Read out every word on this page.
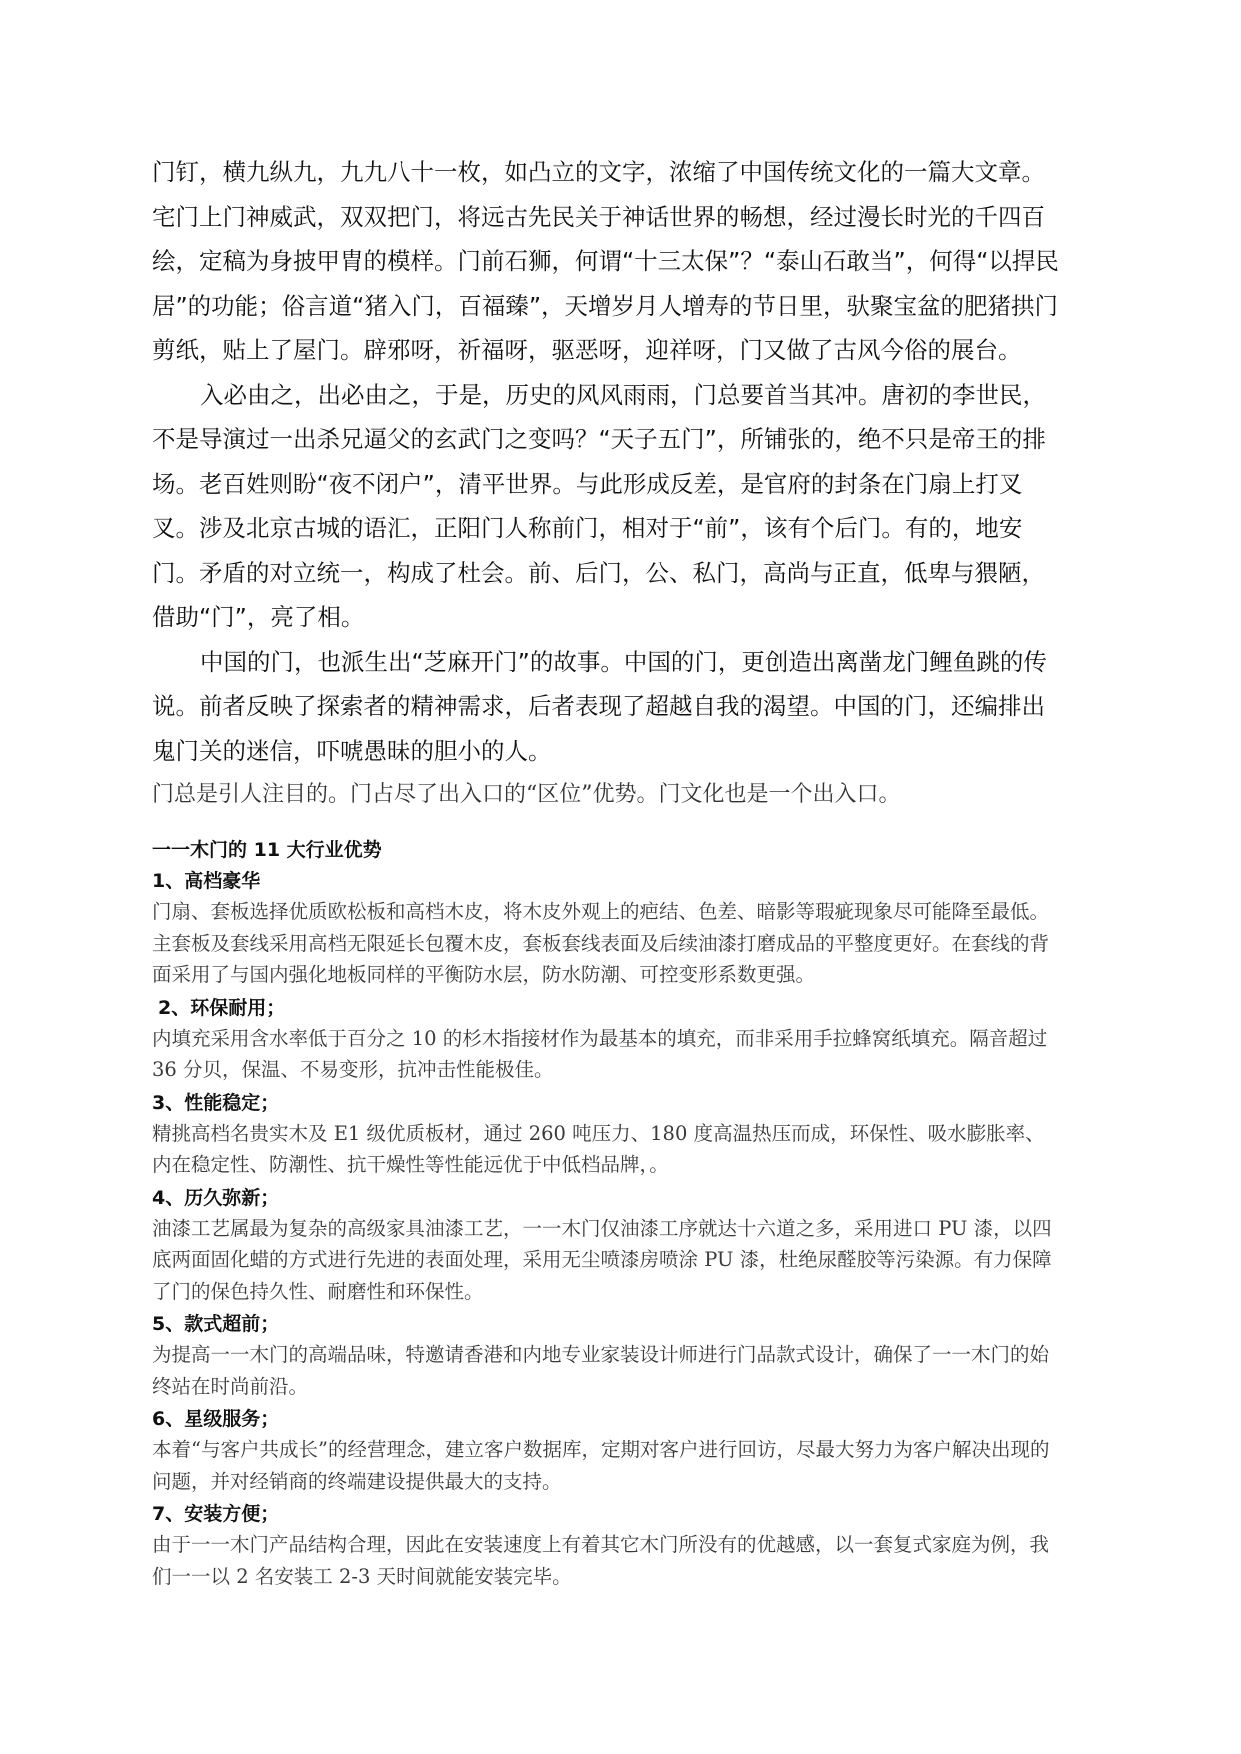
门钉，横九纵九，九九八十一枚，如凸立的文字，浓缩了中国传统文化的一篇大文章。宅门上门神威武，双双把门，将远古先民关于神话世界的畅想，经过漫长时光的千四百绘，定稿为身披甲胄的模样。门前石狮，何谓“十三太保”？“泰山石敢当”，何得“以捍民居”的功能；俗言道“猪入门，百福臻”，天增岁月人增寿的节日里，驮聚宝盆的肥猪拱门剪纸，贴上了屋门。辟邪呀，祈福呀，驱恶呀，迎祥呀，门又做了古风今俗的展台。

入必由之，出必由之，于是，历史的风风雨雨，门总要首当其冲。唐初的李世民，不是导演过一出杀兄逼父的玄武门之变吗？“天子五门”，所铺张的，绝不只是帝王的排场。老百姓则盼“夜不闭户”，清平世界。与此形成反差，是官府的封条在门扇上打叉叉。涉及北京古城的语汇，正阳门人称前门，相对于“前”，该有个后门。有的，地安门。矛盾的对立统一，构成了杜会。前、后门，公、私门，高尚与正直，低卑与猥陋，借助“门”，亮了相。

中国的门，也派生出“芝麻开门”的故事。中国的门，更创造出离凿龙门鲤鱼跳的传说。前者反映了探索者的精神需求，后者表现了超越自我的渴望。中国的门，还编排出鬼门关的迷信，吓唬愚昧的胆小的人。

门总是引人注目的。门占尽了出入口的“区位”优势。门文化也是一个出入口。

一一木门的 11 大行业优势

1、高档豪华

门扇、套板选择优质欧松板和高档木皮，将木皮外观上的疤结、色差、暗影等瑕疵现象尽可能降至最低。主套板及套线采用高档无限延长包覆木皮，套板套线表面及后续油漆打磨成品的平整度更好。在套线的背面采用了与国内强化地板同样的平衡防水层，防水防潮、可控变形系数更强。

2、环保耐用；

内填充采用含水率低于百分之 10 的杉木指接材作为最基本的填充，而非采用手拉蜂窝纸填充。隔音超过 36 分贝，保温、不易变形，抗冲击性能极佳。

3、性能稳定；

精挑高档名贵实木及 E1 级优质板材，通过 260 吨压力、180 度高温热压而成，环保性、吸水膨胀率、内在稳定性、防潮性、抗干燥性等性能远优于中低档品牌，。

4、历久弥新；

油漆工艺属最为复杂的高级家具油漆工艺，一一木门仅油漆工序就达十六道之多，采用进口 PU 漆，以四底两面固化蜡的方式进行先进的表面处理，采用无尘喷漆房喷涂 PU 漆，杜绝尿醛胶等污染源。有力保障了门的保色持久性、耐磨性和环保性。

5、款式超前；

为提高一一木门的高端品味，特邀请香港和内地专业家装设计师进行门品款式设计，确保了一一木门的始终站在时尚前沿。

6、星级服务；

本着“与客户共成长”的经营理念，建立客户数据库，定期对客户进行回访，尽最大努力为客户解决出现的问题，并对经销商的终端建设提供最大的支持。

7、安装方便；

由于一一木门产品结构合理，因此在安装速度上有着其它木门所没有的优越感，以一套复式家庭为例，我们一一以 2 名安装工 2-3 天时间就能安装完毕。
